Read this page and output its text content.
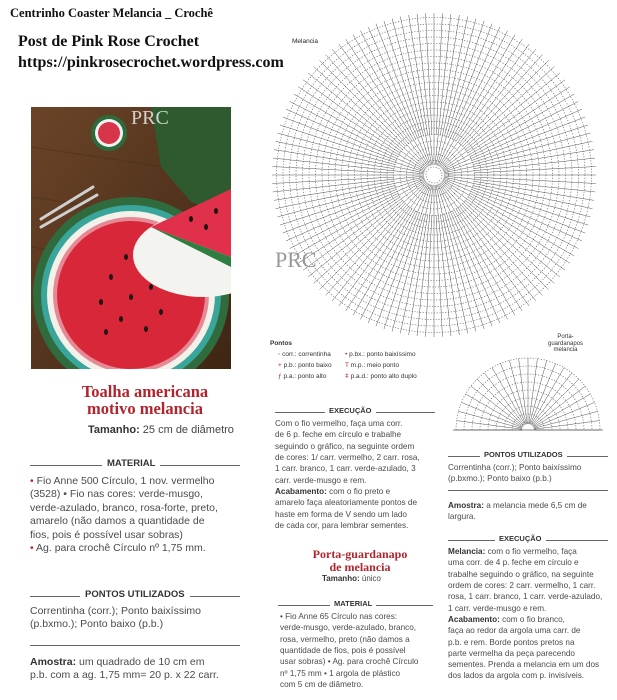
Centrinho Coaster Melancia _ Crochê
Post de Pink Rose Crochet
https://pinkrosecrochet.wordpress.com
PRC
Melancia
PRC
Porta-
guardanapos
melancia
Pontos
◦ corr.: correntinha • p.bx.: ponto baixíssimo
+ p.b.: ponto baixo T m.p.: meio ponto
ƒ p.a.: ponto alto	ǂ p.a.d.: ponto alto duplo
Toalha americana
motivo melancia
Tamanho: 25 cm de diâmetro
MATERIAL
• Fio Anne 500 Círculo, 1 nov. vermelho
(3528) • Fio nas cores: verde-musgo,
verde-azulado, branco, rosa-forte, preto,
amarelo (não damos a quantidade de
fios, pois é possível usar sobras)
• Ag. para crochê Círculo nº 1,75 mm.
PONTOS UTILIZADOS
Correntinha (corr.); Ponto baixíssimo
(p.bxmo.); Ponto baixo (p.b.)
Amostra: um quadrado de 10 cm em
p.b. com a ag. 1,75 mm= 20 p. x 22 carr.
EXECUÇÃO
Com o fio vermelho, faça uma corr.
de 6 p. feche em círculo e trabalhe
seguindo o gráfico, na seguinte ordem
de cores: 1/ carr. vermelho, 2 carr. rosa,
1 carr. branco, 1 carr. verde-azulado, 3
carr. verde-musgo e rem.
Acabamento: com o fio preto e
amarelo faça aleatoriamente pontos de
haste em forma de V sendo um lado
de cada cor, para lembrar sementes.
Porta-guardanapo
de melancia
Tamanho: único
MATERIAL
• Fio Anne 65 Círculo nas cores:
verde-musgo, verde-azulado, branco,
rosa, vermelho, preto (não damos a
quantidade de fios, pois é possível
usar sobras) • Ag. para crochê Círculo
nº 1,75 mm • 1 argola de plástico
com 5 cm de diâmetro.
PONTOS UTILIZADOS
Correntinha (corr.); Ponto baixíssimo
(p.bxmo.); Ponto baixo (p.b.)
Amostra: a melancia mede 6,5 cm de
largura.
EXECUÇÃO
Melancia: com o fio vermelho, faça
uma corr. de 4 p. feche em círculo e
trabalhe seguindo o gráfico, na seguinte
ordem de cores: 2 carr. vermelho, 1 carr.
rosa, 1 carr. branco, 1 carr. verde-azulado,
1 carr. verde-musgo e rem.
Acabamento: com o fio branco,
faça ao redor da argola uma carr. de
p.b. e rem. Borde pontos pretos na
parte vermelha da peça parecendo
sementes. Prenda a melancia em um dos
dos lados da argola com p. invisíveis.
